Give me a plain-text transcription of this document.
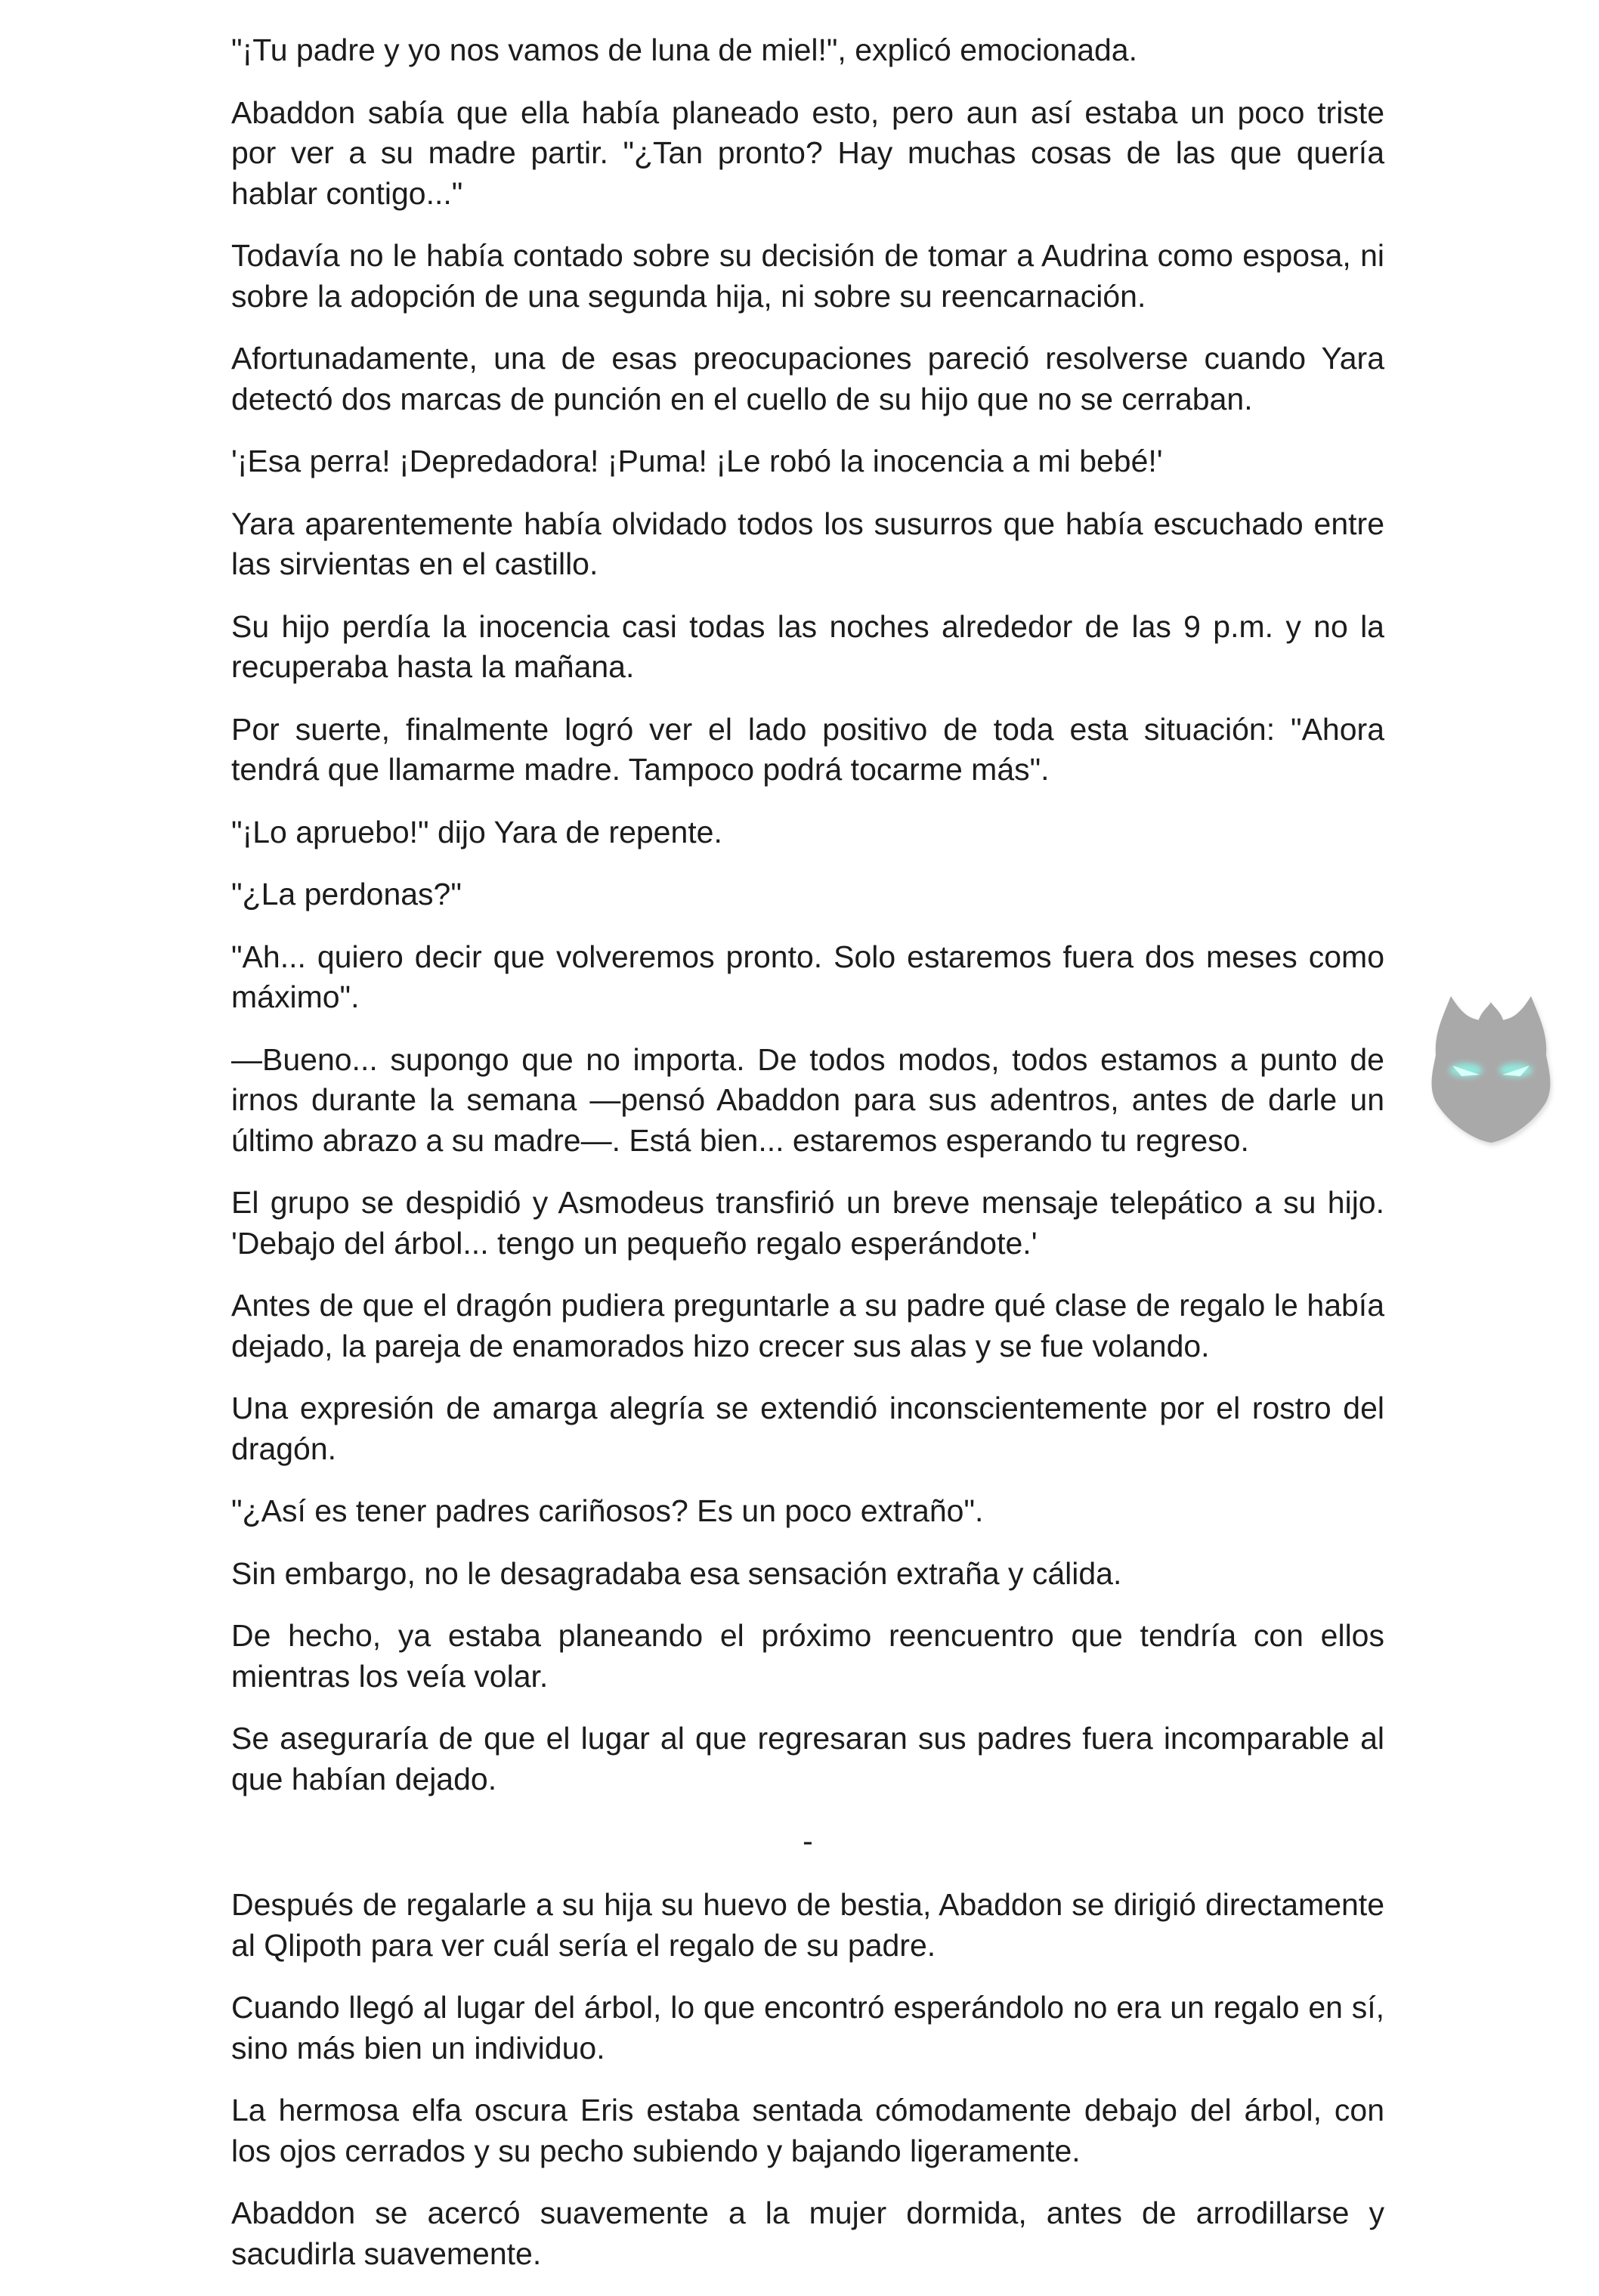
"¡Tu padre y yo nos vamos de luna de miel!", explicó emocionada.

Abaddon sabía que ella había planeado esto, pero aun así estaba un poco triste por ver a su madre partir. "¿Tan pronto? Hay muchas cosas de las que quería hablar contigo..."

Todavía no le había contado sobre su decisión de tomar a Audrina como esposa, ni sobre la adopción de una segunda hija, ni sobre su reencarnación.

Afortunadamente, una de esas preocupaciones pareció resolverse cuando Yara detectó dos marcas de punción en el cuello de su hijo que no se cerraban.

'¡Esa perra! ¡Depredadora! ¡Puma! ¡Le robó la inocencia a mi bebé!'

Yara aparentemente había olvidado todos los susurros que había escuchado entre las sirvientas en el castillo.

Su hijo perdía la inocencia casi todas las noches alrededor de las 9 p.m. y no la recuperaba hasta la mañana.

Por suerte, finalmente logró ver el lado positivo de toda esta situación: "Ahora tendrá que llamarme madre. Tampoco podrá tocarme más".

"¡Lo apruebo!" dijo Yara de repente.

"¿La perdonas?"

"Ah... quiero decir que volveremos pronto. Solo estaremos fuera dos meses como máximo".

—Bueno... supongo que no importa. De todos modos, todos estamos a punto de irnos durante la semana —pensó Abaddon para sus adentros, antes de darle un último abrazo a su madre—. Está bien... estaremos esperando tu regreso.

El grupo se despidió y Asmodeus transfirió un breve mensaje telepático a su hijo. 'Debajo del árbol... tengo un pequeño regalo esperándote.'

Antes de que el dragón pudiera preguntarle a su padre qué clase de regalo le había dejado, la pareja de enamorados hizo crecer sus alas y se fue volando.

Una expresión de amarga alegría se extendió inconscientemente por el rostro del dragón.

"¿Así es tener padres cariñosos? Es un poco extraño".

Sin embargo, no le desagradaba esa sensación extraña y cálida.

De hecho, ya estaba planeando el próximo reencuentro que tendría con ellos mientras los veía volar.

Se aseguraría de que el lugar al que regresaran sus padres fuera incomparable al que habían dejado.

-

Después de regalarle a su hija su huevo de bestia, Abaddon se dirigió directamente al Qlipoth para ver cuál sería el regalo de su padre.

Cuando llegó al lugar del árbol, lo que encontró esperándolo no era un regalo en sí, sino más bien un individuo.

La hermosa elfa oscura Eris estaba sentada cómodamente debajo del árbol, con los ojos cerrados y su pecho subiendo y bajando ligeramente.

Abaddon se acercó suavemente a la mujer dormida, antes de arrodillarse y sacudirla suavemente.
